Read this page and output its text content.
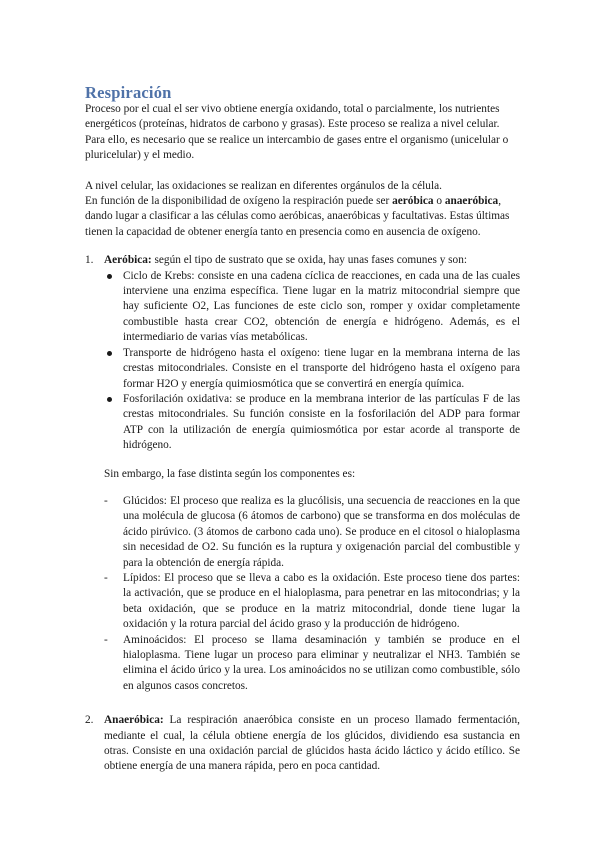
Respiración

Proceso por el cual el ser vivo obtiene energía oxidando, total o parcialmente, los nutrientes energéticos (proteínas, hidratos de carbono y grasas). Este proceso se realiza a nivel celular. Para ello, es necesario que se realice un intercambio de gases entre el organismo (unicelular o pluricelular) y el medio.

A nivel celular, las oxidaciones se realizan en diferentes orgánulos de la célula.

En función de la disponibilidad de oxígeno la respiración puede ser aeróbica o anaeróbica, dando lugar a clasificar a las células como aeróbicas, anaeróbicas y facultativas. Estas últimas tienen la capacidad de obtener energía tanto en presencia como en ausencia de oxígeno.

1. Aeróbica: según el tipo de sustrato que se oxida, hay unas fases comunes y son:

Ciclo de Krebs: consiste en una cadena cíclica de reacciones, en cada una de las cuales interviene una enzima específica. Tiene lugar en la matriz mitocondrial siempre que hay suficiente O2, Las funciones de este ciclo son, romper y oxidar completamente combustible hasta crear CO2, obtención de energía e hidrógeno. Además, es el intermediario de varias vías metabólicas.
Transporte de hidrógeno hasta el oxígeno: tiene lugar en la membrana interna de las crestas mitocondriales. Consiste en el transporte del hidrógeno hasta el oxígeno para formar H2O y energía quimiosmótica que se convertirá en energía química.
Fosforilación oxidativa: se produce en la membrana interior de las partículas F de las crestas mitocondriales. Su función consiste en la fosforilación del ADP para formar ATP con la utilización de energía quimiosmótica por estar acorde al transporte de hidrógeno.

Sin embargo, la fase distinta según los componentes es:

- Glúcidos: El proceso que realiza es la glucólisis, una secuencia de reacciones en la que una molécula de glucosa (6 átomos de carbono) que se transforma en dos moléculas de ácido pirúvico. (3 átomos de carbono cada uno). Se produce en el citosol o hialoplasma sin necesidad de O2. Su función es la ruptura y oxigenación parcial del combustible y para la obtención de energía rápida.
- Lípidos: El proceso que se lleva a cabo es la oxidación. Este proceso tiene dos partes: la activación, que se produce en el hialoplasma, para penetrar en las mitocondrias; y la beta oxidación, que se produce en la matriz mitocondrial, donde tiene lugar la oxidación y la rotura parcial del ácido graso y la producción de hidrógeno.
- Aminoácidos: El proceso se llama desaminación y también se produce en el hialoplasma. Tiene lugar un proceso para eliminar y neutralizar el NH3. También se elimina el ácido úrico y la urea. Los aminoácidos no se utilizan como combustible, sólo en algunos casos concretos.
2. Anaeróbica: La respiración anaeróbica consiste en un proceso llamado fermentación, mediante el cual, la célula obtiene energía de los glúcidos, dividiendo esa sustancia en otras. Consiste en una oxidación parcial de glúcidos hasta ácido láctico y ácido etílico. Se obtiene energía de una manera rápida, pero en poca cantidad.
